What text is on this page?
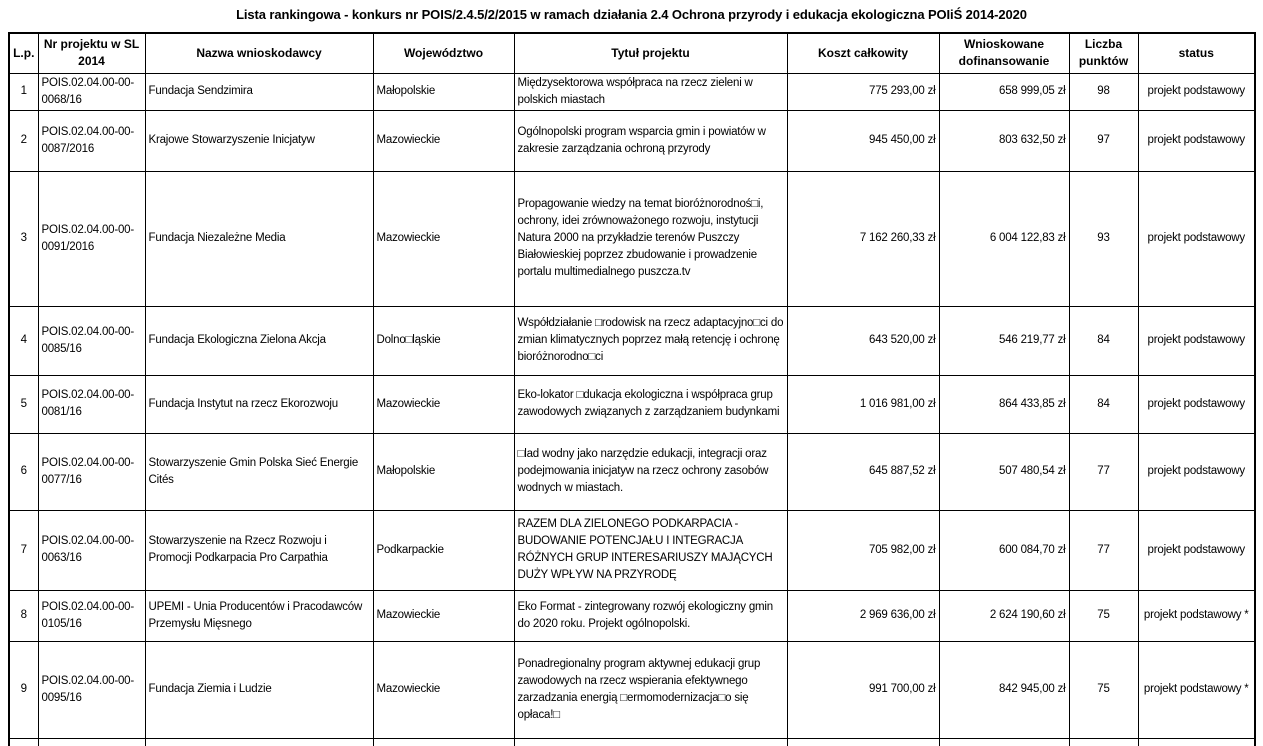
Lista rankingowa - konkurs nr POIS/2.4.5/2/2015 w ramach działania 2.4 Ochrona przyrody i edukacja ekologiczna POIiŚ 2014-2020
L.p.	Nr projektu w SL 2014	Nazwa wnioskodawcy	Województwo	Tytuł projektu	Koszt całkowity	Wnioskowane dofinansowanie	Liczba punktów	status
1	POIS.02.04.00-00-0068/16	Fundacja Sendzimira	Małopolskie	Międzysektorowa współpraca na rzecz zieleni w polskich miastach	775 293,00 zł	658 999,05 zł	98	projekt podstawowy
2	POIS.02.04.00-00-0087/2016	Krajowe Stowarzyszenie Inicjatyw	Mazowieckie	Ogólnopolski program wsparcia gmin i powiatów w zakresie zarządzania ochroną przyrody	945 450,00 zł	803 632,50 zł	97	projekt podstawowy
3	POIS.02.04.00-00-0091/2016	Fundacja Niezależne Media	Mazowieckie	Propagowanie wiedzy na temat bioróżnorodnoś□i, ochrony, idei zrównoważonego rozwoju, instytucji Natura 2000 na przykładzie terenów Puszczy Białowieskiej poprzez zbudowanie i prowadzenie portalu multimedialnego puszcza.tv	7 162 260,33 zł	6 004 122,83 zł	93	projekt podstawowy
4	POIS.02.04.00-00-0085/16	Fundacja Ekologiczna Zielona Akcja	Dolno□ląskie	Współdziałanie □rodowisk na rzecz adaptacyjno□ci do zmian klimatycznych poprzez małą retencję i ochronę bioróżnorodno□ci	643 520,00 zł	546 219,77 zł	84	projekt podstawowy
5	POIS.02.04.00-00-0081/16	Fundacja Instytut na rzecz Ekorozwoju	Mazowieckie	Eko-lokator □dukacja ekologiczna i współpraca grup zawodowych związanych z zarządzaniem budynkami	1 016 981,00 zł	864 433,85 zł	84	projekt podstawowy
6	POIS.02.04.00-00-0077/16	Stowarzyszenie Gmin Polska Sieć Energie Cités	Małopolskie	□lad wodny jako narzędzie edukacji, integracji oraz podejmowania inicjatyw na rzecz ochrony zasobów wodnych w miastach.	645 887,52 zł	507 480,54 zł	77	projekt podstawowy
7	POIS.02.04.00-00-0063/16	Stowarzyszenie na Rzecz Rozwoju i Promocji Podkarpacia Pro Carpathia	Podkarpackie	RAZEM DLA ZIELONEGO PODKARPACIA - BUDOWANIE POTENCJAŁU I INTEGRACJA RÓŻNYCH GRUP INTERESARIUSZY MAJĄCYCH DUŻY WPŁYW NA PRZYRODĘ	705 982,00 zł	600 084,70 zł	77	projekt podstawowy
8	POIS.02.04.00-00-0105/16	UPEMI - Unia Producentów i Pracodawców Przemysłu Mięsnego	Mazowieckie	Eko Format - zintegrowany rozwój ekologiczny gmin do 2020 roku. Projekt ogólnopolski.	2 969 636,00 zł	2 624 190,60 zł	75	projekt podstawowy *
9	POIS.02.04.00-00-0095/16	Fundacja Ziemia i Ludzie	Mazowieckie	Ponadregionalny program aktywnej edukacji grup zawodowych na rzecz wspierania efektywnego zarzadzania energią □ermomodernizacja□o się opłaca!□	991 700,00 zł	842 945,00 zł	75	projekt podstawowy *
